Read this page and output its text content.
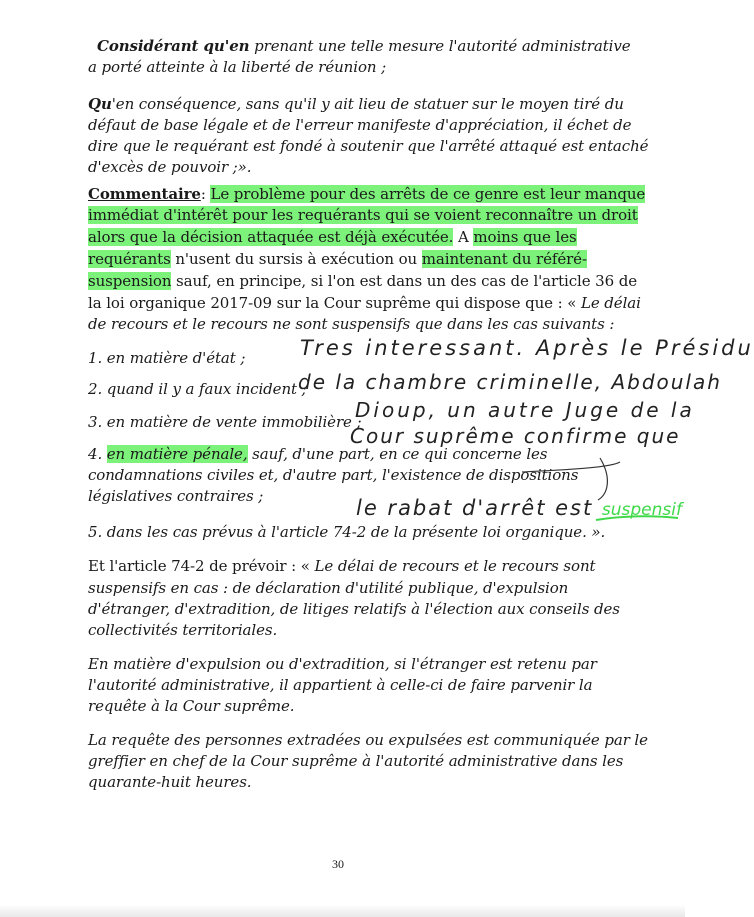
Considérant qu'en prenant une telle mesure l'autorité administrative
a porté atteinte à la liberté de réunion ;
Qu'en conséquence, sans qu'il y ait lieu de statuer sur le moyen tiré du
défaut de base légale et de l'erreur manifeste d'appréciation, il échet de
dire que le requérant est fondé à soutenir que l'arrêté attaqué est entaché
d'excès de pouvoir ;».
Commentaire: Le problème pour des arrêts de ce genre est leur manque
immédiat d'intérêt pour les requérants qui se voient reconnaître un droit
alors que la décision attaquée est déjà exécutée. A moins que les
requérants n'usent du sursis à exécution ou maintenant du référé-
suspension sauf, en principe, si l'on est dans un des cas de l'article 36 de
la loi organique 2017-09 sur la Cour suprême qui dispose que : « Le délai
de recours et le recours ne sont suspensifs que dans les cas suivants :
1. en matière d'état ;
2. quand il y a faux incident ;
3. en matière de vente immobilière ;
4. en matière pénale, sauf, d'une part, en ce qui concerne les
condamnations civiles et, d'autre part, l'existence de dispositions
législatives contraires ;
5. dans les cas prévus à l'article 74-2 de la présente loi organique. ».
Et l'article 74-2 de prévoir : « Le délai de recours et le recours sont
suspensifs en cas : de déclaration d'utilité publique, d'expulsion
d'étranger, d'extradition, de litiges relatifs à l'élection aux conseils des
collectivités territoriales.
En matière d'expulsion ou d'extradition, si l'étranger est retenu par
l'autorité administrative, il appartient à celle-ci de faire parvenir la
requête à la Cour suprême.
La requête des personnes extradées ou expulsées est communiquée par le
greffier en chef de la Cour suprême à l'autorité administrative dans les
quarante-huit heures.
Tres interessant. Après le Présidu
de la chambre criminelle, Abdoulah
Dioup, un autre Juge de la
Cour suprême confirme que
le rabat d'arrêt est suspensif
30
